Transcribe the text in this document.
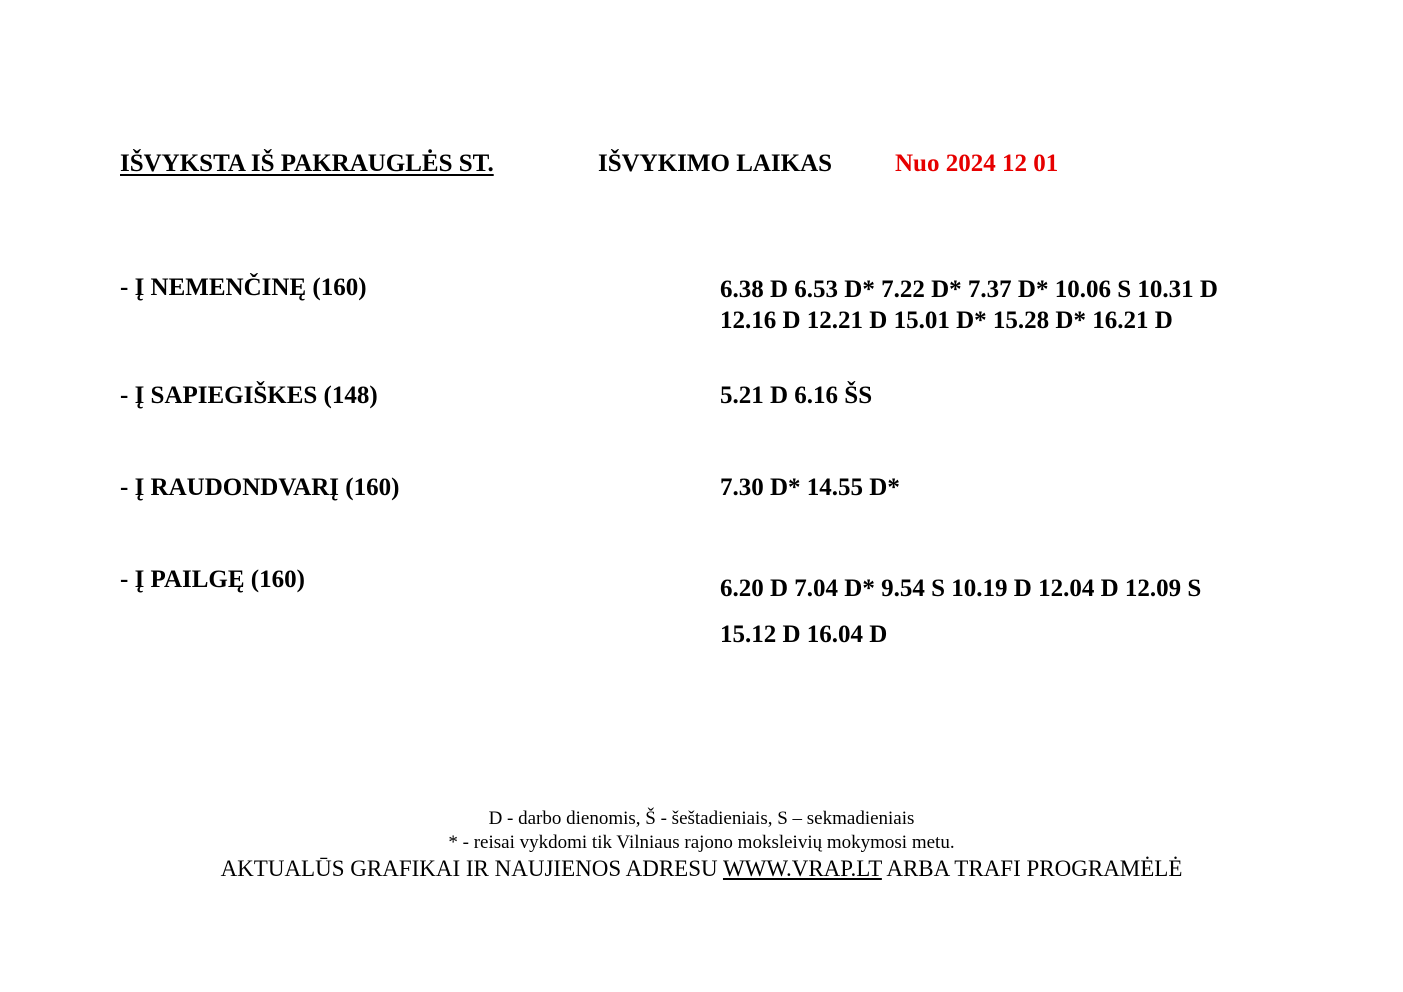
IŠVYKSTA IŠ PAKRAUGLĖS ST.	IŠVYKIMO LAIKAS	Nuo 2024 12 01
- Į NEMENČINĘ (160)	6.38 D 6.53 D* 7.22 D* 7.37 D* 10.06 S 10.31 D
12.16 D 12.21 D 15.01 D* 15.28 D* 16.21 D
- Į SAPIEGIŠKES (148)	5.21 D 6.16 ŠS
- Į RAUDONDVARĮ (160)	7.30 D* 14.55 D*
- Į PAILGĘ (160)	6.20 D 7.04 D* 9.54 S 10.19 D 12.04 D 12.09 S
15.12 D 16.04 D
D - darbo dienomis, Š - šeštadieniais, S – sekmadieniais
* - reisai vykdomi tik Vilniaus rajono moksleivių mokymosi metu.
AKTUALŪS GRAFIKAI IR NAUJIENOS ADRESU WWW.VRAP.LT ARBA TRAFI PROGRAMĖLĖ
